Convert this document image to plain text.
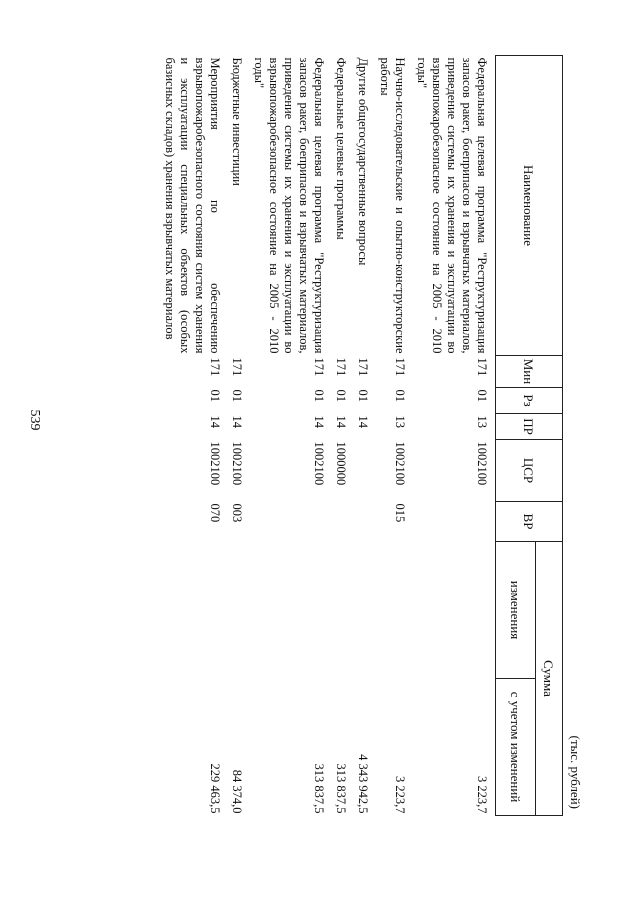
539
(тыс. рублей)
Наименование	Мин	Рз	ПР	ЦСР	ВР	Сумма	
						изменения	с учетом изменений
Федеральная целевая программа "Реструктуризация запасов ракет, боеприпасов и взрывчатых материалов, приведение системы их хранения и эксплуатации во взрывопожаробезопасное состояние на 2005 - 2010 годы"	171	01	13	1002100			3 223,7
Научно-исследовательские и опытно-конструкторские работы	171	01	13	1002100	015		3 223,7
Другие общегосударственные вопросы	171	01	14				4 343 942,5
Федеральные целевые программы	171	01	14	1000000			313 837,5
Федеральная целевая программа "Реструктуризация запасов ракет, боеприпасов и взрывчатых материалов, приведение системы их хранения и эксплуатации во взрывопожаробезопасное состояние на 2005 - 2010 годы"	171	01	14	1002100			313 837,5
Бюджетные инвестиции	171	01	14	1002100	003		84 374,0
Мероприятия по обеспечению взрывопожаробезопасного состояния систем хранения и эксплуатации специальных объектов (особых базисных складов) хранения взрывчатых материалов	171	01	14	1002100	070		229 463,5
